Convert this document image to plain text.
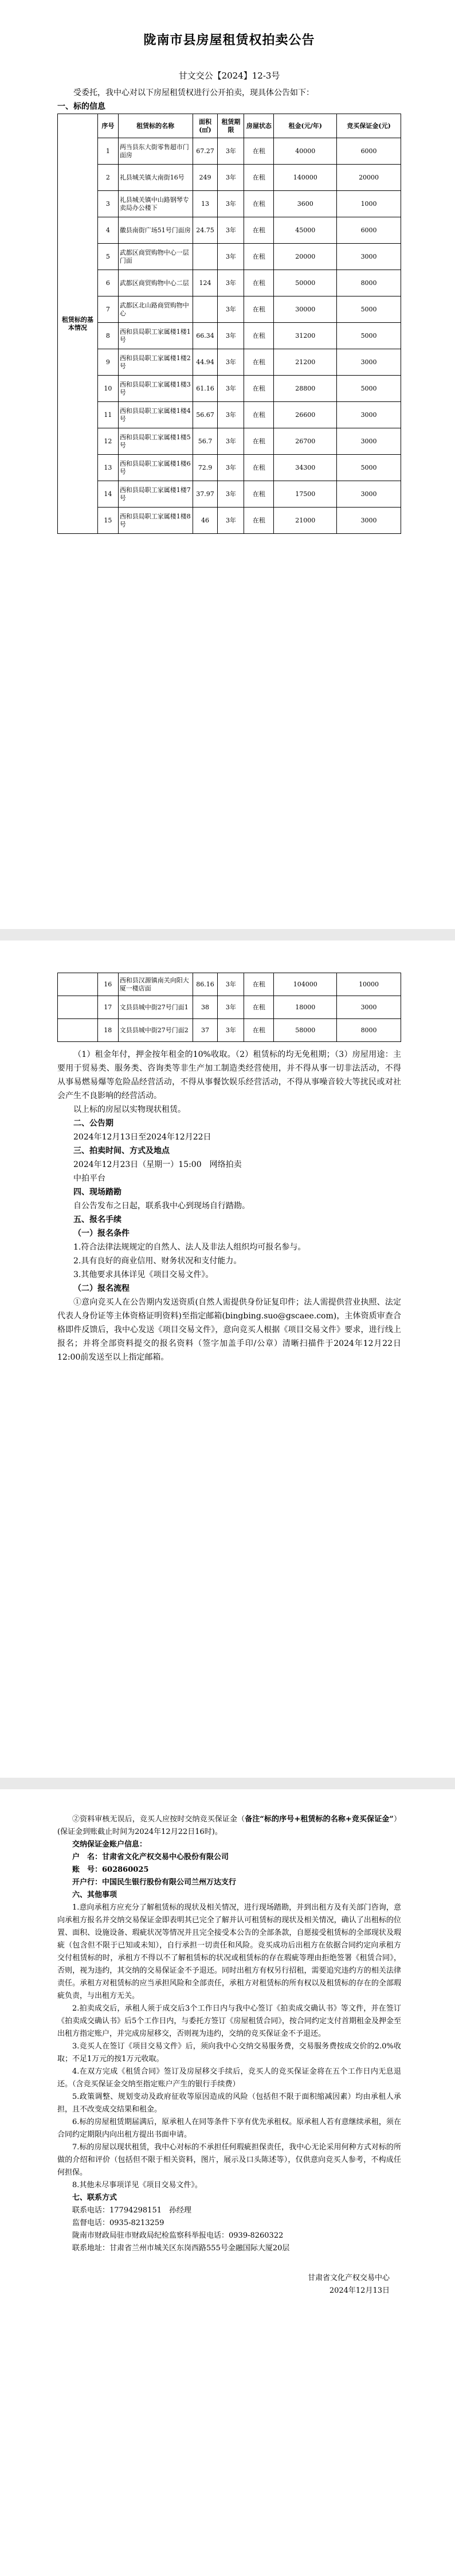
陇南市县房屋租赁权拍卖公告
甘文交公【2024】12-3号

受委托，我中心对以下房屋租赁权进行公开拍卖，现具体公告如下：

一、标的信息

租赁标的基本情况	序号	租赁标的名称	面积(㎡)	租赁期限	房屋状态	租金(元/年)	竞买保证金(元)
	1	两当县东大街零售超市门面房	67.27	3年	在租	40000	6000
	2	礼县城关镇大南街16号	249	3年	在租	140000	20000
	3	礼县城关镇中山路钢琴专卖局办公楼下	13	3年	在租	3600	1000
	4	徽县南街广场51号门面房	24.75	3年	在租	45000	6000
	5	武都区商贸购物中心一层门面		3年	在租	20000	3000
	6	武都区商贸购物中心二层	124	3年	在租	50000	8000
	7	武都区北山路商贸购物中心		3年	在租	30000	5000
	8	西和县局职工家属楼1楼1号	66.34	3年	在租	31200	5000
	9	西和县局职工家属楼1楼2号	44.94	3年	在租	21200	3000
	10	西和县局职工家属楼1楼3号	61.16	3年	在租	28800	5000
	11	西和县局职工家属楼1楼4号	56.67	3年	在租	26600	3000
	12	西和县局职工家属楼1楼5号	56.7	3年	在租	26700	3000
	13	西和县局职工家属楼1楼6号	72.9	3年	在租	34300	5000
	14	西和县局职工家属楼1楼7号	37.97	3年	在租	17500	3000
	15	西和县局职工家属楼1楼8号	46	3年	在租	21000	3000
	16	西和县汉源镇南关向阳大厦一楼店面	86.16	3年	在租	104000	10000
	17	文县县城中街27号门面1	38	3年	在租	18000	3000
	18	文县县城中街27号门面2	37	3年	在租	58000	8000

（1）租金年付，押金按年租金的10%收取。（2）租赁标的均无免租期；（3）房屋用途：主要用于贸易类、服务类、咨询类等非生产加工制造类经营使用，并不得从事一切非法活动，不得从事易燃易爆等危险品经营活动，不得从事餐饮娱乐经营活动，不得从事噪音较大等扰民或对社会产生不良影响的经营活动。

以上标的房屋以实物现状租赁。

二、公告期

2024年12月13日至2024年12月22日

三、拍卖时间、方式及地点

2024年12月23日（星期一）15:00　网络拍卖

中拍平台

四、现场踏勘

自公告发布之日起，联系我中心到现场自行踏勘。

五、报名手续

（一）报名条件

1.符合法律法规规定的自然人、法人及非法人组织均可报名参与。

2.具有良好的商业信用、财务状况和支付能力。

3.其他要求具体详见《项目交易文件》。

（二）报名流程

①意向竞买人在公告期内发送资质(自然人需提供身份证复印件；法人需提供营业执照、法定代表人身份证等主体资格证明资料)至指定邮箱(bingbing.suo@gscaee.com)，主体资质审查合格即件反馈后，我中心发送《项目交易文件》，意向竞买人根据《项目交易文件》要求，进行线上报名；并将全部资料提交的报名资料（签字加盖手印/公章）清晰扫描件于2024年12月22日12:00前发送至以上指定邮箱。

②资料审核无误后，竞买人应按时交纳竞买保证金（备注“标的序号+租赁标的名称+竞买保证金”）(保证金到账截止时间为2024年12月22日16时)。

交纳保证金账户信息：

户　名：甘肃省文化产权交易中心股份有限公司

账　号：602860025

开户行：中国民生银行股份有限公司兰州万达支行

六、其他事项

1.意向承租方应充分了解租赁标的现状及相关情况，进行现场踏勘，并到出租方及有关部门咨询，意向承租方报名并交纳交易保证金即表明其已完全了解并认可租赁标的现状及相关情况，确认了出租标的位置、面积、设施设备、瑕疵状况等情况并且完全接受本公告的全部条款，自愿接受租赁标的全部现状及瑕疵（包含但不限于已知或未知），自行承担一切责任和风险。竞买成功后出租方在依据合同约定向承租方交付租赁标的时，承租方不得以不了解租赁标的状况或租赁标的存在瑕疵等理由拒绝签署《租赁合同》，否则，视为违约，其交纳的交易保证金不予退还。同时出租方有权另行招租，需要追究违约方的相关法律责任。承租方对租赁标的应当承担风险和全部责任，承租方对租赁标的所有权以及租赁标的存在的全部瑕疵负责，与出租方无关。

2.拍卖成交后，承租人须于成交后3个工作日内与我中心签订《拍卖成交确认书》等文件，并在签订《拍卖成交确认书》后5个工作日内，与委托方签订《房屋租赁合同》，按合同约定支付首期租金及押金至出租方指定账户，并完成房屋移交，否则视为违约，交纳的竞买保证金不予退还。

3.竞买人在签订《项目交易文件》后，须向我中心交纳交易服务费，交易服务费按成交价的2.0%收取；不足1万元的按1万元收取。

4.在双方完成《租赁合同》签订及房屋移交手续后，竞买人的竞买保证金将在五个工作日内无息退还。（含竞买保证金交纳至指定账户产生的银行手续费）

5.政策调整、规划变动及政府征收等原因造成的风险（包括但不限于面积缩减因素）均由承租人承担，且不改变成交结果和租金。

6.标的房屋租赁期届满后，原承租人在同等条件下享有优先承租权。原承租人若有意继续承租，须在合同约定期限内向出租方提出书面申请。

7.标的房屋以现状租赁，我中心对标的不承担任何瑕疵担保责任，我中心无论采用何种方式对标的所做的介绍和评价（包括但不限于相关资料，图片，展示及口头陈述等），仅供意向竞买人参考，不构成任何担保。

8.其他未尽事项详见《项目交易文件》。

七、联系方式

联系电话：17794298151　孙经理

监督电话：0935-8213259

陇南市财政局驻市财政局纪检监察科举报电话：0939-8260322

联系地址：甘肃省兰州市城关区东岗西路555号金融国际大厦20层

甘肃省文化产权交易中心

2024年12月13日
